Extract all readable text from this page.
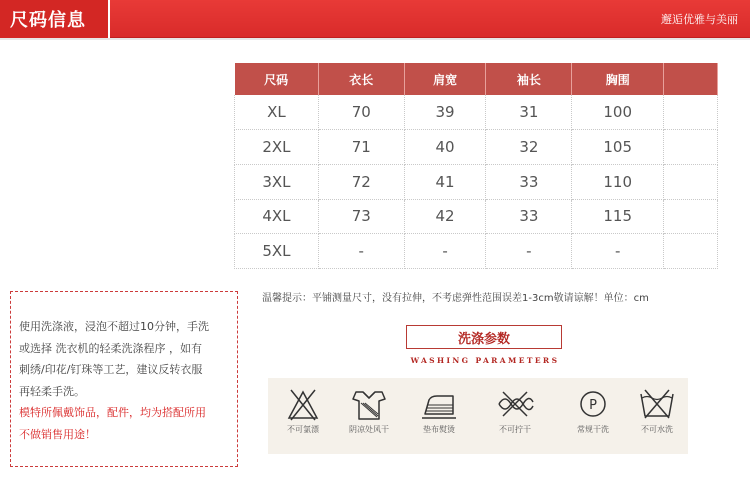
尺码信息	邂逅优雅与美丽
尺码	衣长	肩宽	袖长	胸围	
XL	70	39	31	100	
2XL	71	40	32	105	
3XL	72	41	33	110	
4XL	73	42	33	115	
5XL	-	-	-	-	
温馨提示：平铺测量尺寸，没有拉伸，不考虑弹性范围误差1-3cm敬请谅解！单位：cm
使用洗涤液，浸泡不超过10分钟，手洗
或选择 洗衣机的轻柔洗涤程序 ，如有
刺绣/印花/钉珠等工艺，建议反转衣服
再轻柔手洗。
模特所佩戴饰品，配件，均为搭配所用
不做销售用途！
洗涤参数
WASHING PARAMETERS
不可氯漂	阴凉处风干	垫布熨烫	不可拧干
P
常规干洗	不可水洗
